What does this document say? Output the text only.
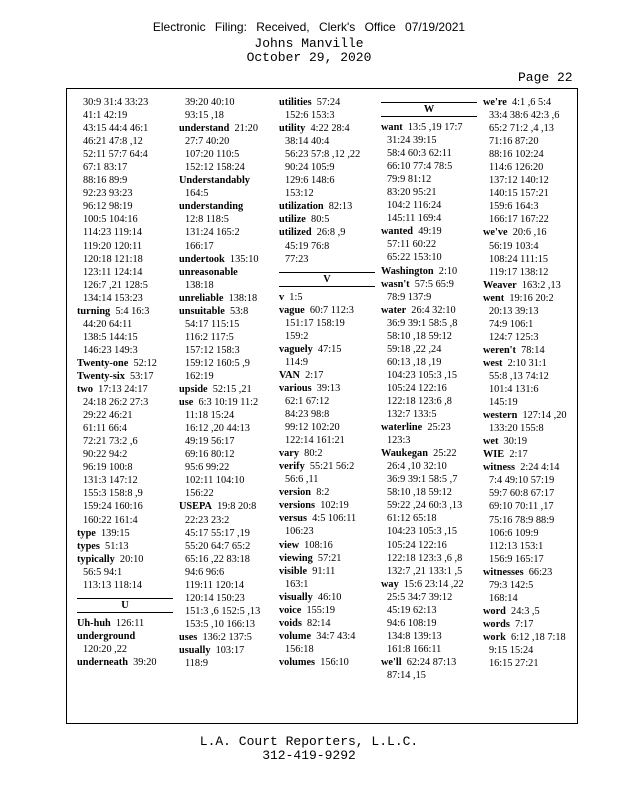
Electronic Filing: Received, Clerk's Office 07/19/2021
Johns Manville
October 29, 2020
Page 22
30:9 31:4 33:23
41:1 42:19
43:15 44:4 46:1
46:21 47:8 ,12
52:11 57:7 64:4
67:1 83:17
88:16 89:9
92:23 93:23
96:12 98:19
100:5 104:16
114:23 119:14
119:20 120:11
120:18 121:18
123:11 124:14
126:7 ,21 128:5
134:14 153:23
turning  5:4 16:3
44:20 64:11
138:5 144:15
146:23 149:3
Twenty-one  52:12
Twenty-six  53:17
two  17:13 24:17
24:18 26:2 27:3
29:22 46:21
61:11 66:4
72:21 73:2 ,6
90:22 94:2
96:19 100:8
131:3 147:12
155:3 158:8 ,9
159:24 160:16
160:22 161:4
type  139:15
types  51:13
typically  20:10
56:5 94:1
113:13 118:14
U
Uh-huh  126:11
underground
120:20 ,22
underneath  39:20
39:20 40:10
93:15 ,18
understand  21:20
27:7 40:20
107:20 110:5
152:12 158:24
Understandably
164:5
understanding
12:8 118:5
131:24 165:2
166:17
undertook  135:10
unreasonable
138:18
unreliable  138:18
unsuitable  53:8
54:17 115:15
116:2 117:5
157:12 158:3
159:12 160:5 ,9
162:19
upside  52:15 ,21
use  6:3 10:19 11:2
11:18 15:24
16:12 ,20 44:13
49:19 56:17
69:16 80:12
95:6 99:22
102:11 104:10
156:22
USEPA  19:8 20:8
22:23 23:2
45:17 55:17 ,19
55:20 64:7 65:2
65:16 ,22 83:18
94:6 96:6
119:11 120:14
120:14 150:23
151:3 ,6 152:5 ,13
153:5 ,10 166:13
uses  136:2 137:5
usually  103:17
118:9
utilities  57:24
152:6 153:3
utility  4:22 28:4
38:14 40:4
56:23 57:8 ,12 ,22
90:24 105:9
129:6 148:6
153:12
utilization  82:13
utilize  80:5
utilized  26:8 ,9
45:19 76:8
77:23
V
v  1:5
vague  60:7 112:3
151:17 158:19
159:2
vaguely  47:15
114:9
VAN  2:17
various  39:13
62:1 67:12
84:23 98:8
99:12 102:20
122:14 161:21
vary  80:2
verify  55:21 56:2
56:6 ,11
version  8:2
versions  102:19
versus  4:5 106:11
106:23
view  108:16
viewing  57:21
visible  91:11
163:1
visually  46:10
voice  155:19
voids  82:14
volume  34:7 43:4
156:18
volumes  156:10
W
want  13:5 ,19 17:7
31:24 39:15
58:4 60:3 62:11
66:10 77:4 78:5
79:9 81:12
83:20 95:21
104:2 116:24
145:11 169:4
wanted  49:19
57:11 60:22
65:22 153:10
Washington  2:10
wasn't  57:5 65:9
78:9 137:9
water  26:4 32:10
36:9 39:1 58:5 ,8
58:10 ,18 59:12
59:18 ,22 ,24
60:13 ,18 ,19
104:23 105:3 ,15
105:24 122:16
122:18 123:6 ,8
132:7 133:5
waterline  25:23
123:3
Waukegan  25:22
26:4 ,10 32:10
36:9 39:1 58:5 ,7
58:10 ,18 59:12
59:22 ,24 60:3 ,13
61:12 65:18
104:23 105:3 ,15
105:24 122:16
122:18 123:3 ,6 ,8
132:7 ,21 133:1 ,5
way  15:6 23:14 ,22
25:5 34:7 39:12
45:19 62:13
94:6 108:19
134:8 139:13
161:8 166:11
we'll  62:24 87:13
87:14 ,15
we're  4:1 ,6 5:4
33:4 38:6 42:3 ,6
65:2 71:2 ,4 ,13
71:16 87:20
88:16 102:24
114:6 126:20
137:12 140:12
140:15 157:21
159:6 164:3
166:17 167:22
we've  20:6 ,16
56:19 103:4
108:24 111:15
119:17 138:12
Weaver  163:2 ,13
went  19:16 20:2
20:13 39:13
74:9 106:1
124:7 125:3
weren't  78:14
west  2:10 31:1
55:8 ,13 74:12
101:4 131:6
145:19
western  127:14 ,20
133:20 155:8
wet  30:19
WIE  2:17
witness  2:24 4:14
7:4 49:10 57:19
59:7 60:8 67:17
69:10 70:11 ,17
75:16 78:9 88:9
106:6 109:9
112:13 153:1
156:9 165:17
witnesses  66:23
79:3 142:5
168:14
word  24:3 ,5
words  7:17
work  6:12 ,18 7:18
9:15 15:24
16:15 27:21
L.A. Court Reporters, L.L.C.
312-419-9292
